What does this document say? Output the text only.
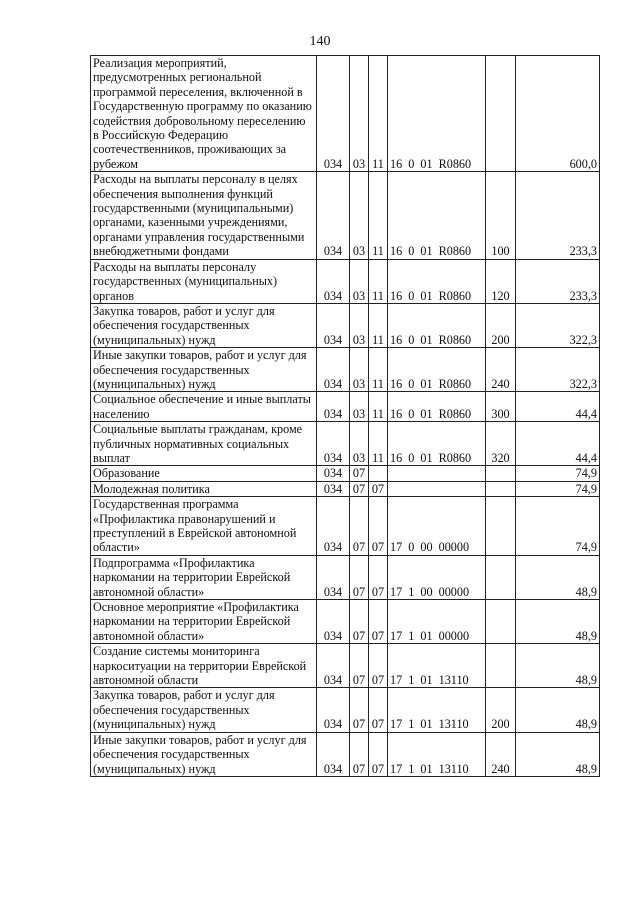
140
Реализация мероприятий, предусмотренных региональной программой переселения, включенной в Государственную программу по оказанию содействия добровольному переселению в Российскую Федерацию соотечественников, проживающих за рубежом	034	03	11	16 0 01 R0860		600,0
Расходы на выплаты персоналу в целях обеспечения выполнения функций государственными (муниципальными) органами, казенными учреждениями, органами управления государственными внебюджетными фондами	034	03	11	16 0 01 R0860	100	233,3
Расходы на выплаты персоналу государственных (муниципальных) органов	034	03	11	16 0 01 R0860	120	233,3
Закупка товаров, работ и услуг для обеспечения государственных (муниципальных) нужд	034	03	11	16 0 01 R0860	200	322,3
Иные закупки товаров, работ и услуг для обеспечения государственных (муниципальных) нужд	034	03	11	16 0 01 R0860	240	322,3
Социальное обеспечение и иные выплаты населению	034	03	11	16 0 01 R0860	300	44,4
Социальные выплаты гражданам, кроме публичных нормативных социальных выплат	034	03	11	16 0 01 R0860	320	44,4
Образование	034	07				74,9
Молодежная политика	034	07	07			74,9
Государственная программа «Профилактика правонарушений и преступлений в Еврейской автономной области»	034	07	07	17 0 00 00000		74,9
Подпрограмма «Профилактика наркомании на территории Еврейской автономной области»	034	07	07	17 1 00 00000		48,9
Основное мероприятие «Профилактика наркомании на территории Еврейской автономной области»	034	07	07	17 1 01 00000		48,9
Создание системы мониторинга наркоситуации на территории Еврейской автономной области	034	07	07	17 1 01 13110		48,9
Закупка товаров, работ и услуг для обеспечения государственных (муниципальных) нужд	034	07	07	17 1 01 13110	200	48,9
Иные закупки товаров, работ и услуг для обеспечения государственных (муниципальных) нужд	034	07	07	17 1 01 13110	240	48,9
